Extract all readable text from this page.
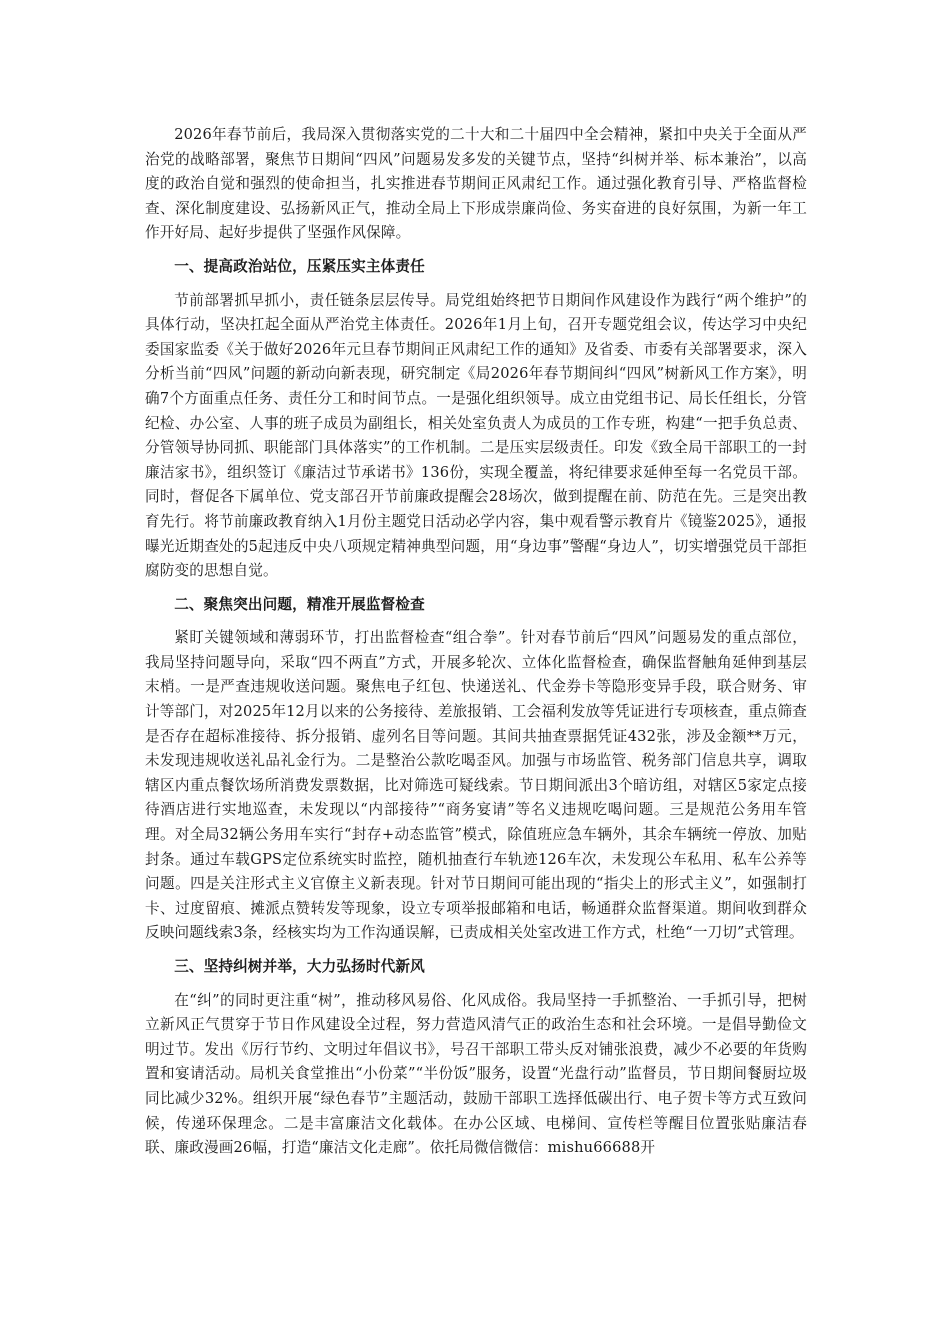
2026年春节前后，我局深入贯彻落实党的二十大和二十届四中全会精神，紧扣中央关于全面从严治党的战略部署，聚焦节日期间“四风”问题易发多发的关键节点，坚持“纠树并举、标本兼治”，以高度的政治自觉和强烈的使命担当，扎实推进春节期间正风肃纪工作。通过强化教育引导、严格监督检查、深化制度建设、弘扬新风正气，推动全局上下形成崇廉尚俭、务实奋进的良好氛围，为新一年工作开好局、起好步提供了坚强作风保障。

一、提高政治站位，压紧压实主体责任

节前部署抓早抓小，责任链条层层传导。局党组始终把节日期间作风建设作为践行“两个维护”的具体行动，坚决扛起全面从严治党主体责任。2026年1月上旬，召开专题党组会议，传达学习中央纪委国家监委《关于做好2026年元旦春节期间正风肃纪工作的通知》及省委、市委有关部署要求，深入分析当前“四风”问题的新动向新表现，研究制定《局2026年春节期间纠“四风”树新风工作方案》，明确7个方面重点任务、责任分工和时间节点。一是强化组织领导。成立由党组书记、局长任组长，分管纪检、办公室、人事的班子成员为副组长，相关处室负责人为成员的工作专班，构建“一把手负总责、分管领导协同抓、职能部门具体落实”的工作机制。二是压实层级责任。印发《致全局干部职工的一封廉洁家书》，组织签订《廉洁过节承诺书》136份，实现全覆盖，将纪律要求延伸至每一名党员干部。同时，督促各下属单位、党支部召开节前廉政提醒会28场次，做到提醒在前、防范在先。三是突出教育先行。将节前廉政教育纳入1月份主题党日活动必学内容，集中观看警示教育片《镜鉴2025》，通报曝光近期查处的5起违反中央八项规定精神典型问题，用“身边事”警醒“身边人”，切实增强党员干部拒腐防变的思想自觉。

二、聚焦突出问题，精准开展监督检查

紧盯关键领域和薄弱环节，打出监督检查“组合拳”。针对春节前后“四风”问题易发的重点部位，我局坚持问题导向，采取“四不两直”方式，开展多轮次、立体化监督检查，确保监督触角延伸到基层末梢。一是严查违规收送问题。聚焦电子红包、快递送礼、代金券卡等隐形变异手段，联合财务、审计等部门，对2025年12月以来的公务接待、差旅报销、工会福利发放等凭证进行专项核查，重点筛查是否存在超标准接待、拆分报销、虚列名目等问题。其间共抽查票据凭证432张，涉及金额**万元，未发现违规收送礼品礼金行为。二是整治公款吃喝歪风。加强与市场监管、税务部门信息共享，调取辖区内重点餐饮场所消费发票数据，比对筛选可疑线索。节日期间派出3个暗访组，对辖区5家定点接待酒店进行实地巡查，未发现以“内部接待”“商务宴请”等名义违规吃喝问题。三是规范公务用车管理。对全局32辆公务用车实行“封存+动态监管”模式，除值班应急车辆外，其余车辆统一停放、加贴封条。通过车载GPS定位系统实时监控，随机抽查行车轨迹126车次，未发现公车私用、私车公养等问题。四是关注形式主义官僚主义新表现。针对节日期间可能出现的“指尖上的形式主义”，如强制打卡、过度留痕、摊派点赞转发等现象，设立专项举报邮箱和电话，畅通群众监督渠道。期间收到群众反映问题线索3条，经核实均为工作沟通误解，已责成相关处室改进工作方式，杜绝“一刀切”式管理。

三、坚持纠树并举，大力弘扬时代新风

在“纠”的同时更注重“树”，推动移风易俗、化风成俗。我局坚持一手抓整治、一手抓引导，把树立新风正气贯穿于节日作风建设全过程，努力营造风清气正的政治生态和社会环境。一是倡导勤俭文明过节。发出《厉行节约、文明过年倡议书》，号召干部职工带头反对铺张浪费，减少不必要的年货购置和宴请活动。局机关食堂推出“小份菜”“半份饭”服务，设置“光盘行动”监督员，节日期间餐厨垃圾同比减少32%。组织开展“绿色春节”主题活动，鼓励干部职工选择低碳出行、电子贺卡等方式互致问候，传递环保理念。二是丰富廉洁文化载体。在办公区域、电梯间、宣传栏等醒目位置张贴廉洁春联、廉政漫画26幅，打造“廉洁文化走廊”。依托局微信微信：mishu66688开
